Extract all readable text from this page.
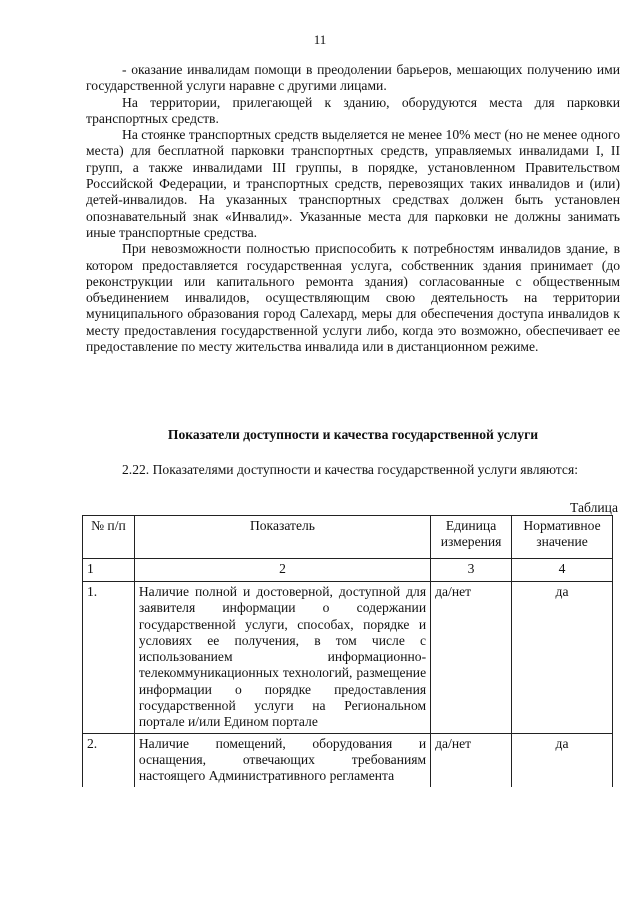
11

- оказание инвалидам помощи в преодолении барьеров, мешающих получению ими государственной услуги наравне с другими лицами.

На территории, прилегающей к зданию, оборудуются места для парковки транспортных средств.

На стоянке транспортных средств выделяется не менее 10% мест (но не менее одного места) для бесплатной парковки транспортных средств, управляемых инвалидами I, II групп, а также инвалидами III группы, в порядке, установленном Правительством Российской Федерации, и транспортных средств, перевозящих таких инвалидов и (или) детей-инвалидов. На указанных транспортных средствах должен быть установлен опознавательный знак «Инвалид». Указанные места для парковки не должны занимать иные транспортные средства.

При невозможности полностью приспособить к потребностям инвалидов здание, в котором предоставляется государственная услуга, собственник здания принимает (до реконструкции или капитального ремонта здания) согласованные с общественным объединением инвалидов, осуществляющим свою деятельность на территории муниципального образования город Салехард, меры для обеспечения доступа инвалидов к месту предоставления государственной услуги либо, когда это возможно, обеспечивает ее предоставление по месту жительства инвалида или в дистанционном режиме.

Показатели доступности и качества государственной услуги

2.22. Показателями доступности и качества государственной услуги являются:

Таблица
№ п/п	Показатель	Единица измерения	Нормативное значение
1	2	3	4
1.	Наличие полной и достоверной, доступной для заявителя информации о содержании государственной услуги, способах, порядке и условиях ее получения, в том числе с использованием информационно-телекоммуникационных технологий, размещение информации о порядке предоставления государственной услуги на Региональном портале и/или Едином портале	да/нет	да
2.	Наличие помещений, оборудования и оснащения, отвечающих требованиям настоящего Административного регламента	да/нет	да
